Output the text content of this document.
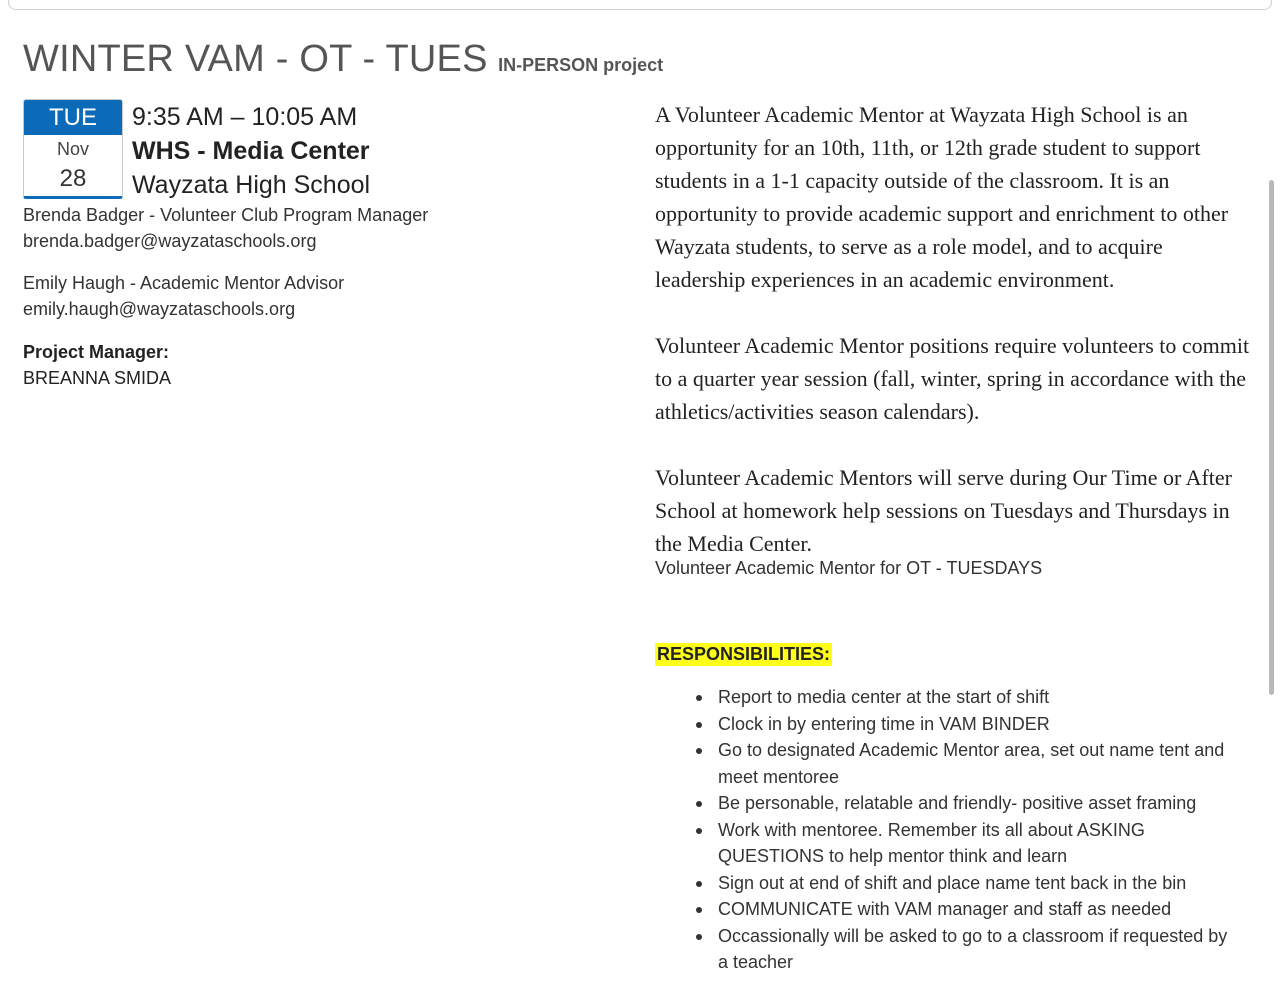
WINTER VAM - OT - TUES IN-PERSON project
TUE
Nov
28
9:35 AM – 10:05 AM
WHS - Media Center
Wayzata High School
Brenda Badger - Volunteer Club Program Manager
brenda.badger@wayzataschools.org
Emily Haugh - Academic Mentor Advisor
emily.haugh@wayzataschools.org
Project Manager:
BREANNA SMIDA

A Volunteer Academic Mentor at Wayzata High School is an opportunity for an 10th, 11th, or 12th grade student to support students in a 1-1 capacity outside of the classroom. It is an opportunity to provide academic support and enrichment to other Wayzata students, to serve as a role model, and to acquire leadership experiences in an academic environment.

Volunteer Academic Mentor positions require volunteers to commit to a quarter year session (fall, winter, spring in accordance with the athletics/activities season calendars).

Volunteer Academic Mentors will serve during Our Time or After School at homework help sessions on Tuesdays and Thursdays in the Media Center.

Volunteer Academic Mentor for OT - TUESDAYS
RESPONSIBILITIES:
Report to media center at the start of shift
Clock in by entering time in VAM BINDER
Go to designated Academic Mentor area, set out name tent and meet mentoree
Be personable, relatable and friendly- positive asset framing
Work with mentoree. Remember its all about ASKING QUESTIONS to help mentor think and learn
Sign out at end of shift and place name tent back in the bin
COMMUNICATE with VAM manager and staff as needed
Occassionally will be asked to go to a classroom if requested by a teacher
